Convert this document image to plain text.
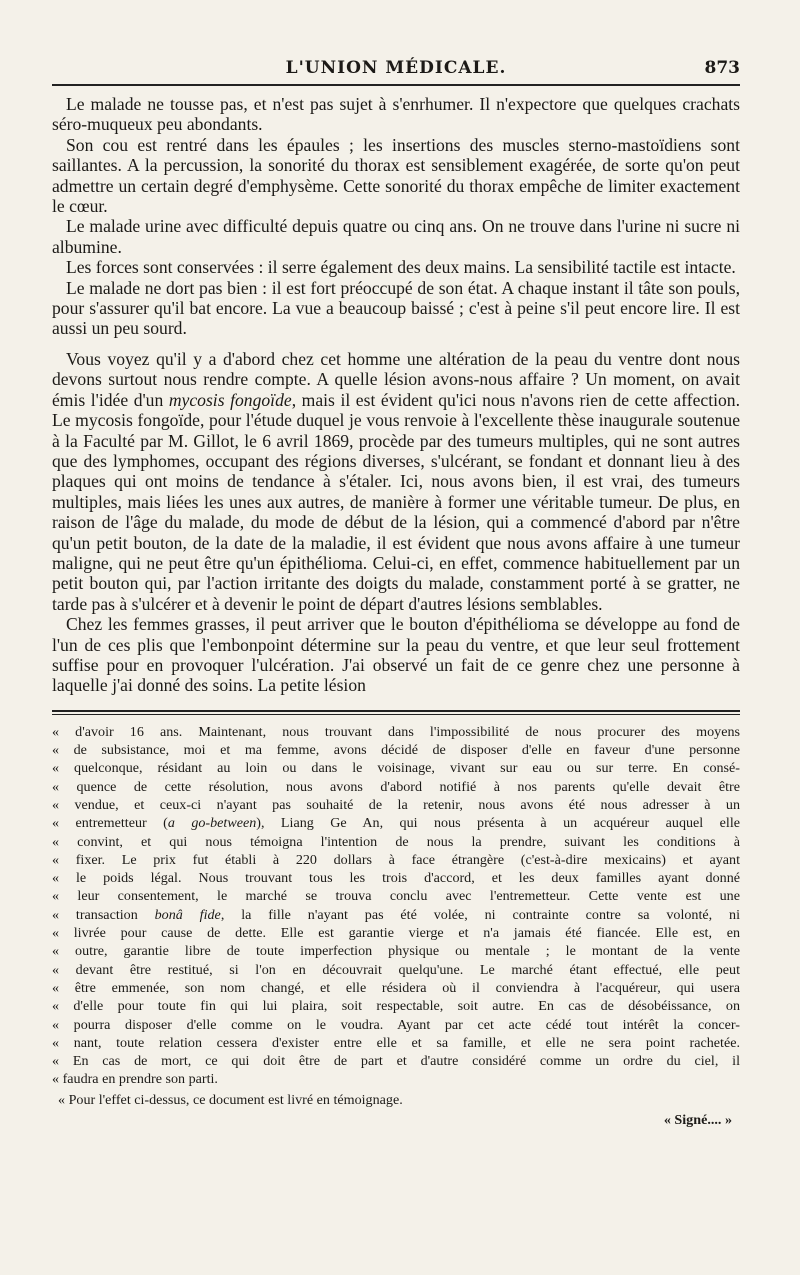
L'UNION MÉDICALE.	873

Le malade ne tousse pas, et n'est pas sujet à s'enrhumer. Il n'expectore que quelques crachats séro-muqueux peu abondants.

Son cou est rentré dans les épaules ; les insertions des muscles sterno-mastoïdiens sont saillantes. A la percussion, la sonorité du thorax est sensiblement exagérée, de sorte qu'on peut admettre un certain degré d'emphysème. Cette sonorité du thorax empêche de limiter exactement le cœur.

Le malade urine avec difficulté depuis quatre ou cinq ans. On ne trouve dans l'urine ni sucre ni albumine.

Les forces sont conservées : il serre également des deux mains. La sensibilité tactile est intacte.

Le malade ne dort pas bien : il est fort préoccupé de son état. A chaque instant il tâte son pouls, pour s'assurer qu'il bat encore. La vue a beaucoup baissé ; c'est à peine s'il peut encore lire. Il est aussi un peu sourd.

Vous voyez qu'il y a d'abord chez cet homme une altération de la peau du ventre dont nous devons surtout nous rendre compte. A quelle lésion avons-nous affaire ? Un moment, on avait émis l'idée d'un mycosis fongoïde, mais il est évident qu'ici nous n'avons rien de cette affection. Le mycosis fongoïde, pour l'étude duquel je vous renvoie à l'excellente thèse inaugurale soutenue à la Faculté par M. Gillot, le 6 avril 1869, procède par des tumeurs multiples, qui ne sont autres que des lymphomes, occupant des régions diverses, s'ulcérant, se fondant et donnant lieu à des plaques qui ont moins de tendance à s'étaler. Ici, nous avons bien, il est vrai, des tumeurs multiples, mais liées les unes aux autres, de manière à former une véritable tumeur. De plus, en raison de l'âge du malade, du mode de début de la lésion, qui a commencé d'abord par n'être qu'un petit bouton, de la date de la maladie, il est évident que nous avons affaire à une tumeur maligne, qui ne peut être qu'un épithélioma. Celui-ci, en effet, commence habituellement par un petit bouton qui, par l'action irritante des doigts du malade, constamment porté à se gratter, ne tarde pas à s'ulcérer et à devenir le point de départ d'autres lésions semblables.

Chez les femmes grasses, il peut arriver que le bouton d'épithélioma se développe au fond de l'un de ces plis que l'embonpoint détermine sur la peau du ventre, et que leur seul frottement suffise pour en provoquer l'ulcération. J'ai observé un fait de ce genre chez une personne à laquelle j'ai donné des soins. La petite lésion

« d'avoir 16 ans. Maintenant, nous trouvant dans l'impossibilité de nous procurer des moyens
« de subsistance, moi et ma femme, avons décidé de disposer d'elle en faveur d'une personne
« quelconque, résidant au loin ou dans le voisinage, vivant sur eau ou sur terre. En consé-
« quence de cette résolution, nous avons d'abord notifié à nos parents qu'elle devait être
« vendue, et ceux-ci n'ayant pas souhaité de la retenir, nous avons été nous adresser à un
« entremetteur (a go-between), Liang Ge An, qui nous présenta à un acquéreur auquel elle
« convint, et qui nous témoigna l'intention de nous la prendre, suivant les conditions à
« fixer. Le prix fut établi à 220 dollars à face étrangère (c'est-à-dire mexicains) et ayant
« le poids légal. Nous trouvant tous les trois d'accord, et les deux familles ayant donné
« leur consentement, le marché se trouva conclu avec l'entremetteur. Cette vente est une
« transaction bonâ fide, la fille n'ayant pas été volée, ni contrainte contre sa volonté, ni
« livrée pour cause de dette. Elle est garantie vierge et n'a jamais été fiancée. Elle est, en
« outre, garantie libre de toute imperfection physique ou mentale ; le montant de la vente
« devant être restitué, si l'on en découvrait quelqu'une. Le marché étant effectué, elle peut
« être emmenée, son nom changé, et elle résidera où il conviendra à l'acquéreur, qui usera
« d'elle pour toute fin qui lui plaira, soit respectable, soit autre. En cas de désobéissance, on
« pourra disposer d'elle comme on le voudra. Ayant par cet acte cédé tout intérêt la concer-
« nant, toute relation cessera d'exister entre elle et sa famille, et elle ne sera point rachetée.
« En cas de mort, ce qui doit être de part et d'autre considéré comme un ordre du ciel, il
« faudra en prendre son parti.
« Pour l'effet ci-dessus, ce document est livré en témoignage.
« Signé.... »
